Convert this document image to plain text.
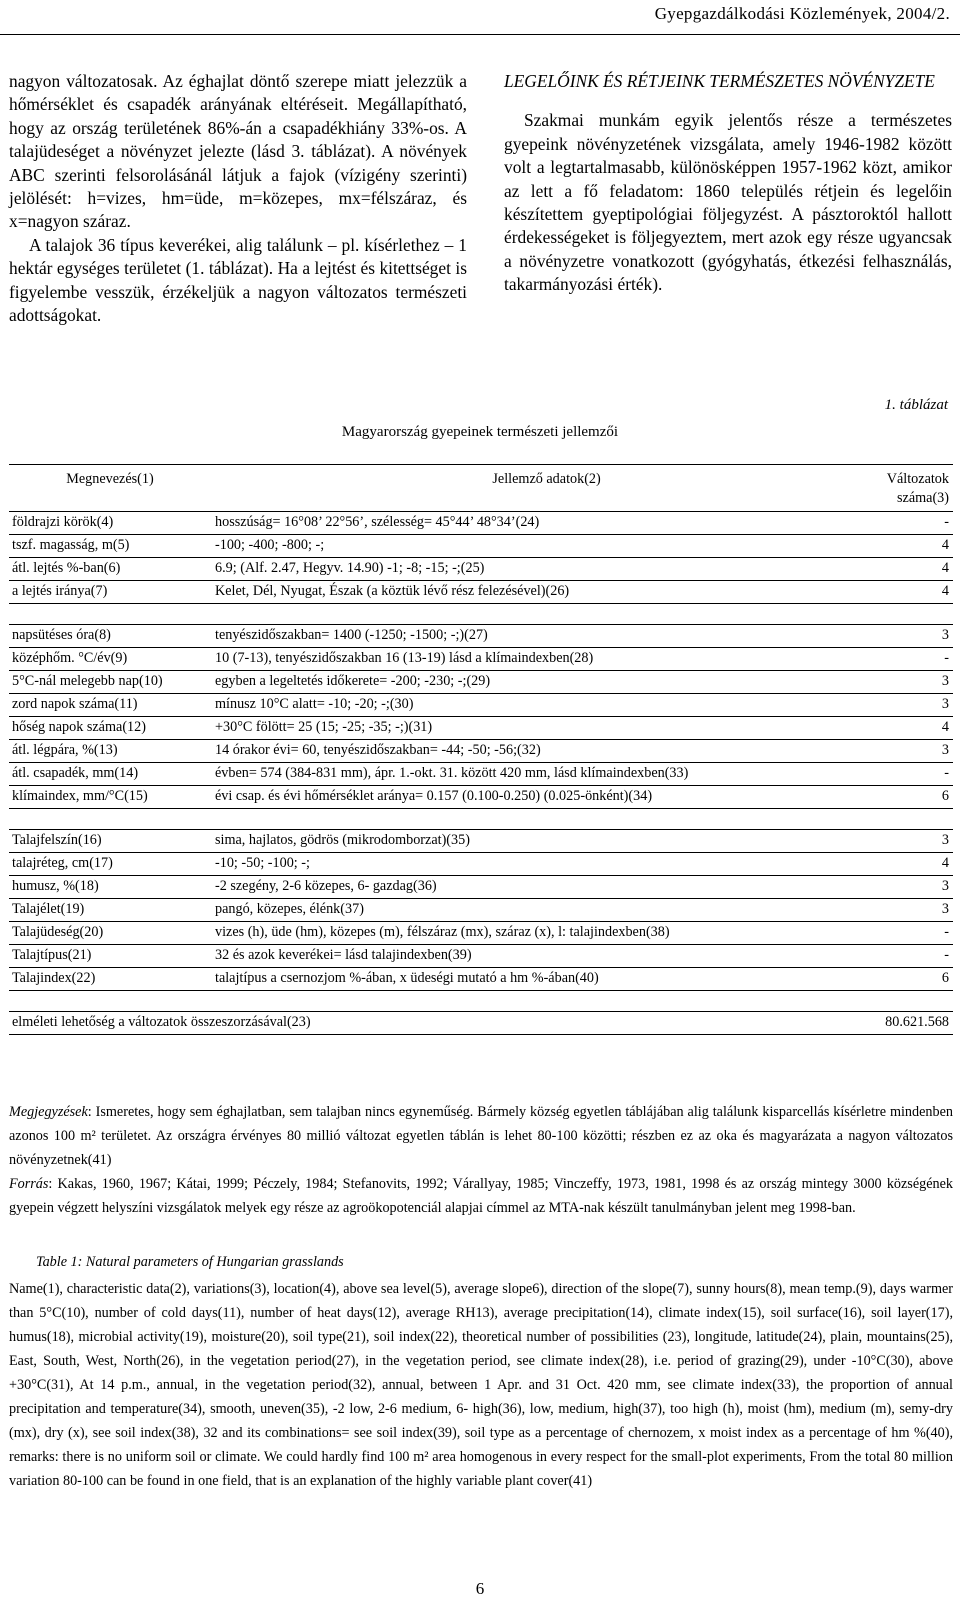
Gyepgazdálkodási Közlemények, 2004/2.

nagyon változatosak. Az éghajlat döntő szerepe miatt jelezzük a hőmérséklet és csapadék arányának eltéréseit. Megállapítható, hogy az ország területének 86%-án a csapadékhiány 33%-os. A talajüdeséget a növényzet jelezte (lásd 3. táblázat). A növények ABC szerinti felsorolásánál látjuk a fajok (vízigény szerinti) jelölését: h=vizes, hm=üde, m=közepes, mx=félszáraz, és x=nagyon száraz.

A talajok 36 típus keverékei, alig találunk – pl. kísérlethez – 1 hektár egységes területet (1. táblázat). Ha a lejtést és kitettséget is figyelembe vesszük, érzékeljük a nagyon változatos természeti adottságokat.

LEGELŐINK ÉS RÉTJEINK TERMÉSZETES NÖVÉNYZETE

Szakmai munkám egyik jelentős része a természetes gyepeink növényzetének vizsgálata, amely 1946-1982 között volt a legtartalmasabb, különösképpen 1957-1962 közt, amikor az lett a fő feladatom: 1860 település rétjein és legelőin készítettem gyeptipológiai följegyzést. A pásztoroktól hallott érdekességeket is följegyeztem, mert azok egy része ugyancsak a növényzetre vonatkozott (gyógyhatás, étkezési felhasználás, takarmányozási érték).

1. táblázat
Magyarország gyepeinek természeti jellemzői
Megnevezés(1)	Jellemző adatok(2)	Változatok száma(3)
földrajzi körök(4)	hosszúság= 16°08’ 22°56’, szélesség= 45°44’ 48°34’(24)	-
tszf. magasság, m(5)	-100; -400; -800; -;	4
átl. lejtés %-ban(6)	6.9; (Alf. 2.47, Hegyv. 14.90) -1; -8; -15; -;(25)	4
a lejtés iránya(7)	Kelet, Dél, Nyugat, Észak (a köztük lévő rész felezésével)(26)	4

napsütéses óra(8)	tenyészidőszakban= 1400 (-1250; -1500; -;)(27)	3
középhőm. °C/év(9)	10 (7-13), tenyészidőszakban 16 (13-19) lásd a klímaindexben(28)	-
5°C-nál melegebb nap(10)	egyben a legeltetés időkerete= -200; -230; -;(29)	3
zord napok száma(11)	mínusz 10°C alatt= -10; -20; -;(30)	3
hőség napok száma(12)	+30°C fölött= 25 (15; -25; -35; -;)(31)	4
átl. légpára, %(13)	14 órakor évi= 60, tenyészidőszakban= -44; -50; -56;(32)	3
átl. csapadék, mm(14)	évben= 574 (384-831 mm), ápr. 1.-okt. 31. között 420 mm, lásd klímaindexben(33)	-
klímaindex, mm/°C(15)	évi csap. és évi hőmérséklet aránya= 0.157 (0.100-0.250) (0.025-önként)(34)	6

Talajfelszín(16)	sima, hajlatos, gödrös (mikrodomborzat)(35)	3
talajréteg, cm(17)	-10; -50; -100; -;	4
humusz, %(18)	-2 szegény, 2-6 közepes, 6- gazdag(36)	3
Talajélet(19)	pangó, közepes, élénk(37)	3
Talajüdeség(20)	vizes (h), üde (hm), közepes (m), félszáraz (mx), száraz (x), l: talajindexben(38)	-
Talajtípus(21)	32 és azok keverékei= lásd talajindexben(39)	-
Talajindex(22)	talajtípus a csernozjom %-ában, x üdeségi mutató a hm %-ában(40)	6

elméleti lehetőség a változatok összeszorzásával(23)		80.621.568

Megjegyzések: Ismeretes, hogy sem éghajlatban, sem talajban nincs egyneműség. Bármely község egyetlen táblájában alig találunk kisparcellás kísérletre mindenben azonos 100 m² területet. Az országra érvényes 80 millió változat egyetlen táblán is lehet 80-100 közötti; részben ez az oka és magyarázata a nagyon változatos növényzetnek(41)

Forrás: Kakas, 1960, 1967; Kátai, 1999; Péczely, 1984; Stefanovits, 1992; Várallyay, 1985; Vinczeffy, 1973, 1981, 1998 és az ország mintegy 3000 községének gyepein végzett helyszíni vizsgálatok melyek egy része az agroökopotenciál alapjai címmel az MTA-nak készült tanulmányban jelent meg 1998-ban.

Table 1: Natural parameters of Hungarian grasslands
Name(1), characteristic data(2), variations(3), location(4), above sea level(5), average slope6), direction of the slope(7), sunny hours(8), mean temp.(9), days warmer than 5°C(10), number of cold days(11), number of heat days(12), average RH13), average precipitation(14), climate index(15), soil surface(16), soil layer(17), humus(18), microbial activity(19), moisture(20), soil type(21), soil index(22), theoretical number of possibilities (23), longitude, latitude(24), plain, mountains(25), East, South, West, North(26), in the vegetation period(27), in the vegetation period, see climate index(28), i.e. period of grazing(29), under -10°C(30), above +30°C(31), At 14 p.m., annual, in the vegetation period(32), annual, between 1 Apr. and 31 Oct. 420 mm, see climate index(33), the proportion of annual precipitation and temperature(34), smooth, uneven(35), -2 low, 2-6 medium, 6- high(36), low, medium, high(37), too high (h), moist (hm), medium (m), semy-dry (mx), dry (x), see soil index(38), 32 and its combinations= see soil index(39), soil type as a percentage of chernozem, x moist index as a percentage of hm %(40), remarks: there is no uniform soil or climate. We could hardly find 100 m² area homogenous in every respect for the small-plot experiments, From the total 80 million variation 80-100 can be found in one field, that is an explanation of the highly variable plant cover(41)
6
